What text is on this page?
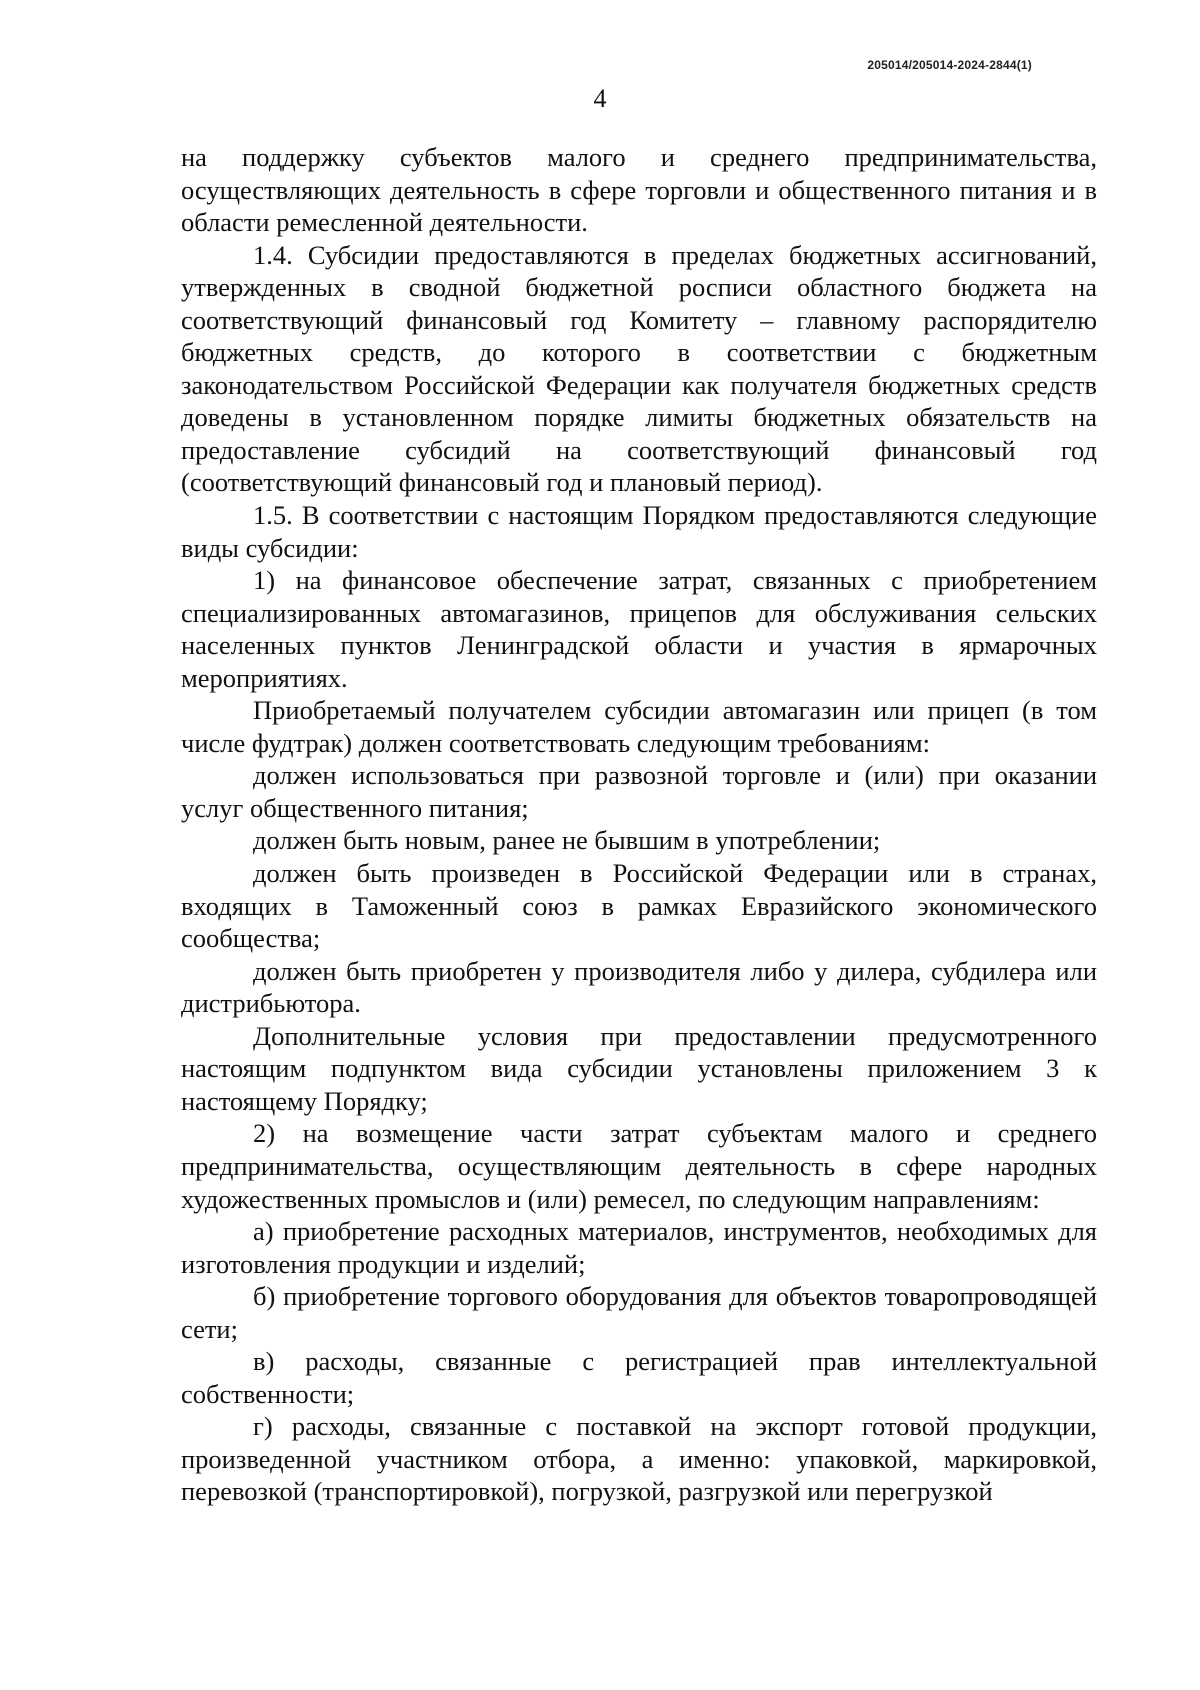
205014/205014-2024-2844(1)
4

на поддержку субъектов малого и среднего предпринимательства, осуществляющих деятельность в сфере торговли и общественного питания и в области ремесленной деятельности.

1.4. Субсидии предоставляются в пределах бюджетных ассигнований, утвержденных в сводной бюджетной росписи областного бюджета на соответствующий финансовый год Комитету – главному распорядителю бюджетных средств, до которого в соответствии с бюджетным законодательством Российской Федерации как получателя бюджетных средств доведены в установленном порядке лимиты бюджетных обязательств на предоставление субсидий на соответствующий финансовый год (соответствующий финансовый год и плановый период).

1.5. В соответствии с настоящим Порядком предоставляются следующие виды субсидии:

1) на финансовое обеспечение затрат, связанных с приобретением специализированных автомагазинов, прицепов для обслуживания сельских населенных пунктов Ленинградской области и участия в ярмарочных мероприятиях.

Приобретаемый получателем субсидии автомагазин или прицеп (в том числе фудтрак) должен соответствовать следующим требованиям:

должен использоваться при развозной торговле и (или) при оказании услуг общественного питания;

должен быть новым, ранее не бывшим в употреблении;

должен быть произведен в Российской Федерации или в странах, входящих в Таможенный союз в рамках Евразийского экономического сообщества;

должен быть приобретен у производителя либо у дилера, субдилера или дистрибьютора.

Дополнительные условия при предоставлении предусмотренного настоящим подпунктом вида субсидии установлены приложением 3 к настоящему Порядку;

2) на возмещение части затрат субъектам малого и среднего предпринимательства, осуществляющим деятельность в сфере народных художественных промыслов и (или) ремесел, по следующим направлениям:

а) приобретение расходных материалов, инструментов, необходимых для изготовления продукции и изделий;

б) приобретение торгового оборудования для объектов товаропроводящей сети;

в) расходы, связанные с регистрацией прав интеллектуальной собственности;

г) расходы, связанные с поставкой на экспорт готовой продукции, произведенной участником отбора, а именно: упаковкой, маркировкой, перевозкой (транспортировкой), погрузкой, разгрузкой или перегрузкой
